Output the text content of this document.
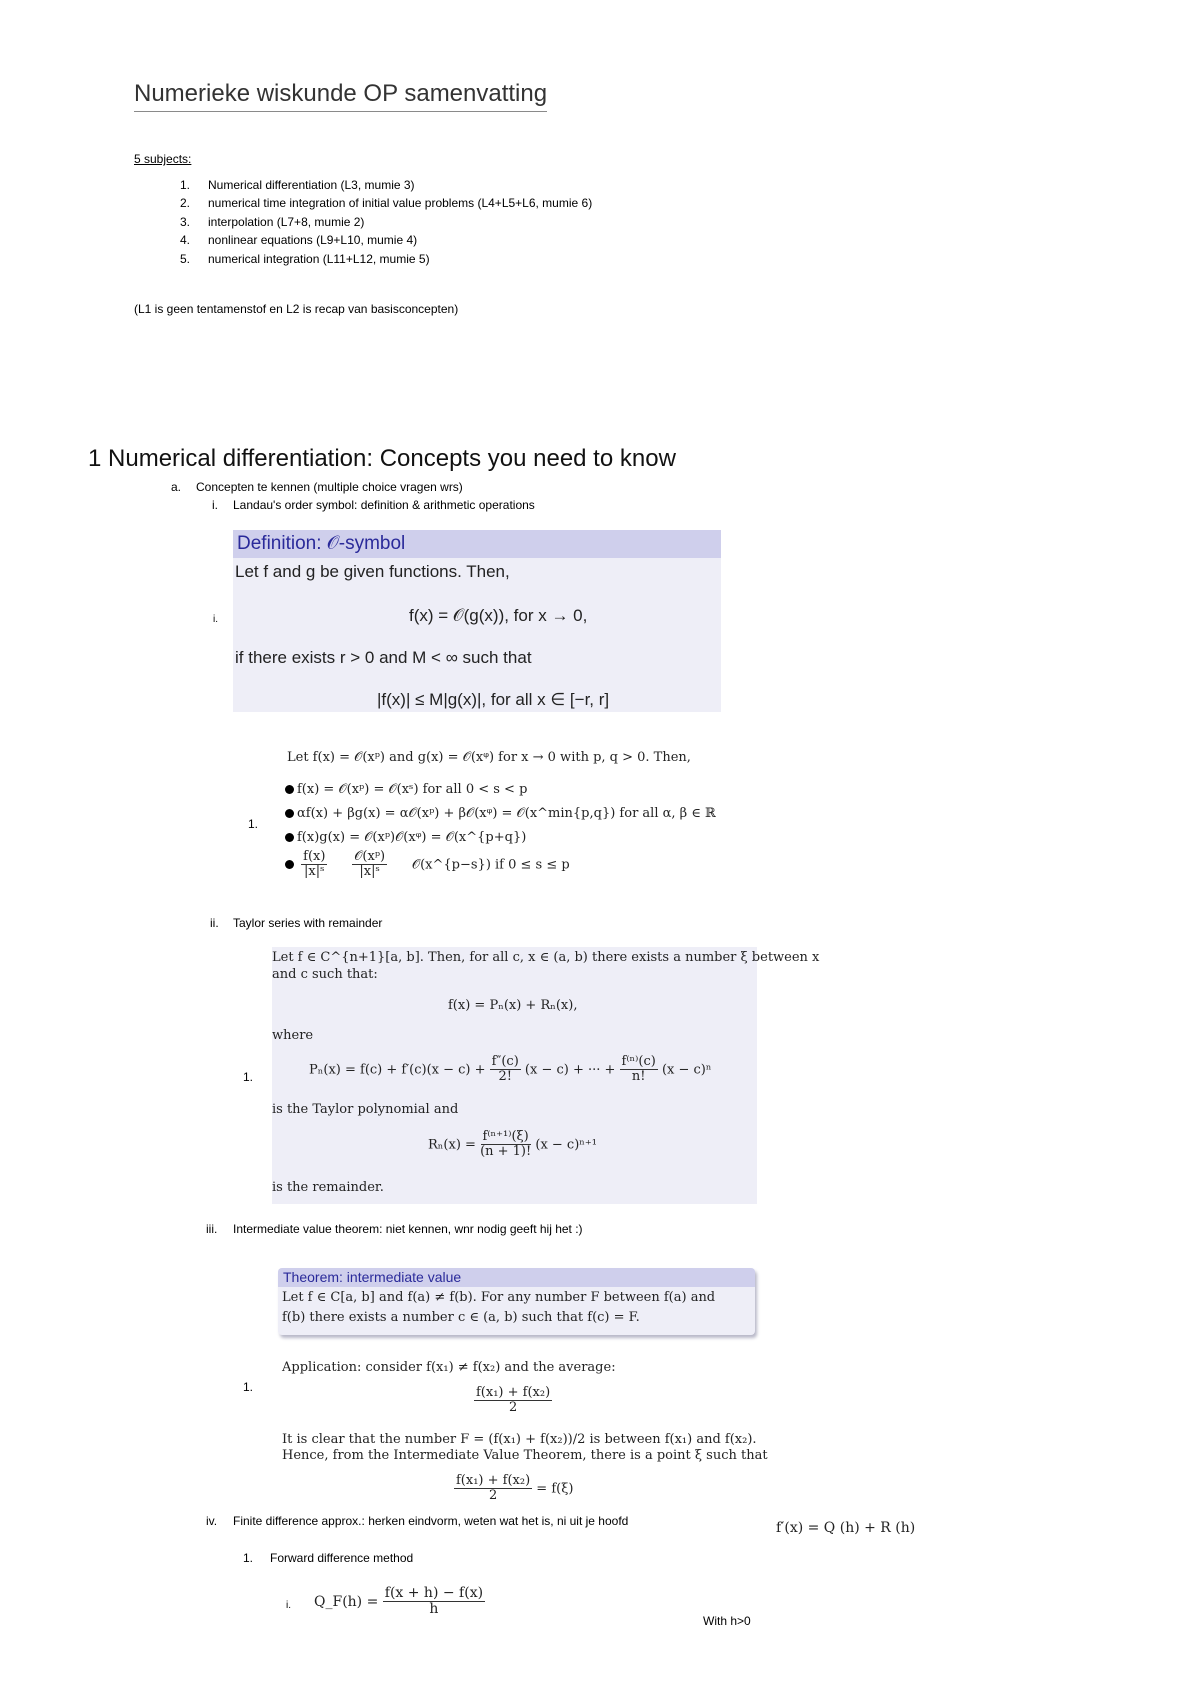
Numerieke wiskunde OP samenvatting
5 subjects:
1.	Numerical differentiation (L3, mumie 3)
2.	numerical time integration of initial value problems (L4+L5+L6, mumie 6)
3.	interpolation (L7+8, mumie 2)
4.	nonlinear equations (L9+L10, mumie 4)
5.	numerical integration (L11+L12, mumie 5)
(L1 is geen tentamenstof en L2 is recap van basisconcepten)
1 Numerical differentiation: Concepts you need to know
a. Concepten te kennen (multiple choice vragen wrs)
i. Landau's order symbol: definition & arithmetic operations
i.
Definition: 𝒪-symbol
Let f and g be given functions. Then,
f(x) = 𝒪(g(x)), for x → 0,
if there exists r > 0 and M < ∞ such that
|f(x)| ≤ M|g(x)|, for all x ∈ [−r, r]
1.
Let f(x) = 𝒪(xᵖ) and g(x) = 𝒪(xᵠ) for x → 0 with p, q > 0. Then,
f(x) = 𝒪(xᵖ) = 𝒪(xˢ) for all 0 < s < p
αf(x) + βg(x) = α𝒪(xᵖ) + β𝒪(xᵠ) = 𝒪(x^min{p,q}) for all α, β ∈ ℝ
f(x)g(x) = 𝒪(xᵖ)𝒪(xᵠ) = 𝒪(x^{p+q})

$\frac{f(x)}{\text{|x|ˢ}}$
$\frac{\text{𝒪(xᵖ)}}{\text{|x|ˢ}}$ 𝒪(x^{p−s}) if 0 ≤ s ≤ p
ii. Taylor series with remainder
1.
Let f ∈ C^{n+1}[a, b]. Then, for all c, x ∈ (a, b) there exists a number ξ between x
and c such that:
f(x) = Pₙ(x) + Rₙ(x),
where
$P_n(x) = f(c) + f'(c)(x - c) + \frac{f''(c)}{2!} (x - c)$ + ··· + $\frac{\text{f⁽ⁿ⁾(c)}}{n!} (x - c)^n$
is the Taylor polynomial and
$R_n(x) = \frac{\text{f⁽ⁿ⁺¹⁾(ξ)}}{(n + 1)!} (x - c)^{n+1}$
is the remainder.
iii. Intermediate value theorem: niet kennen, wnr nodig geeft hij het :)
Theorem: intermediate value
Let f ∈ C[a, b] and f(a) ≠ f(b). For any number F between f(a) and
f(b) there exists a number c ∈ (a, b) such that f(c) = F.
1.
Application: consider f(x₁) ≠ f(x₂) and the average:
$\frac{\text{f(x₁) + f(x₂)}}{2}$
It is clear that the number F = (f(x₁) + f(x₂))/2 is between f(x₁) and f(x₂).
Hence, from the Intermediate Value Theorem, there is a point ξ such that
$\frac{\text{f(x₁) + f(x₂)}}{2} = f(\xi)$
iv. Finite difference approx.: herken eindvorm, weten wat het is, ni uit je hoofd	f′(x) = Q (h) + R (h)
1. Forward difference method
i. Q_F(h) = $\frac{f(x + h) - f(x)}{h}$
With h>0
